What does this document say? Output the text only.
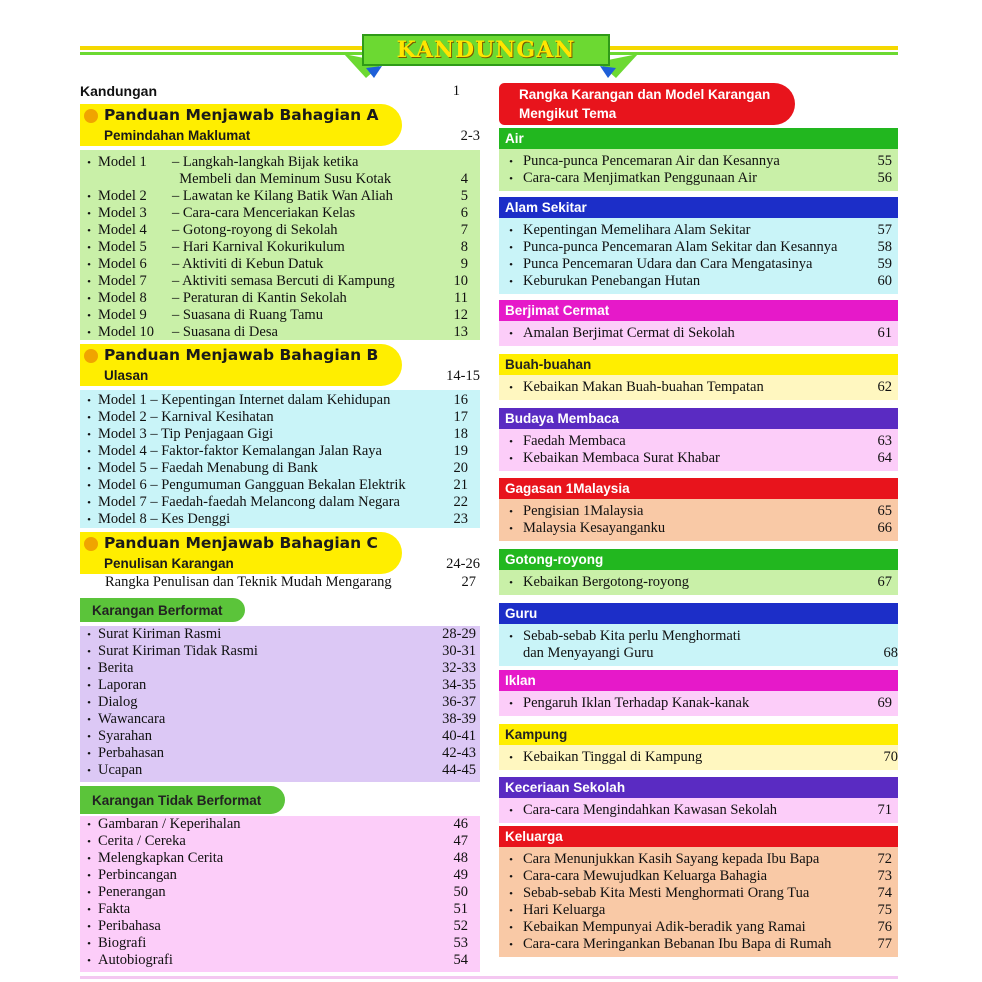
KANDUNGAN
Kandungan	1
Panduan Menjawab Bahagian A
Pemindahan Maklumat	2-3
• Model 1	– Langkah-langkah Bijak ketika
Membeli dan Meminum Susu Kotak	4
• Model 2	– Lawatan ke Kilang Batik Wan Aliah	5
• Model 3	– Cara-cara Menceriakan Kelas	6
• Model 4	– Gotong-royong di Sekolah	7
• Model 5	– Hari Karnival Kokurikulum	8
• Model 6	– Aktiviti di Kebun Datuk	9
• Model 7	– Aktiviti semasa Bercuti di Kampung	10
• Model 8	– Peraturan di Kantin Sekolah	11
• Model 9	– Suasana di Ruang Tamu	12
• Model 10	– Suasana di Desa	13
Panduan Menjawab Bahagian B
Ulasan	14-15
• Model 1 – Kepentingan Internet dalam Kehidupan	16
• Model 2 – Karnival Kesihatan	17
• Model 3 – Tip Penjagaan Gigi	18
• Model 4 – Faktor-faktor Kemalangan Jalan Raya	19
• Model 5 – Faedah Menabung di Bank	20
• Model 6 – Pengumuman Gangguan Bekalan Elektrik	21
• Model 7 – Faedah-faedah Melancong dalam Negara	22
• Model 8 – Kes Denggi	23
Panduan Menjawab Bahagian C
Penulisan Karangan	24-26
Rangka Penulisan dan Teknik Mudah Mengarang	27
Karangan Berformat
• Surat Kiriman Rasmi	28-29
• Surat Kiriman Tidak Rasmi	30-31
• Berita	32-33
• Laporan	34-35
• Dialog	36-37
• Wawancara	38-39
• Syarahan	40-41
• Perbahasan	42-43
• Ucapan	44-45
Karangan Tidak Berformat
• Gambaran / Keperihalan	46
• Cerita / Cereka	47
• Melengkapkan Cerita	48
• Perbincangan	49
• Penerangan	50
• Fakta	51
• Peribahasa	52
• Biografi	53
• Autobiografi	54
Rangka Karangan dan Model Karangan
Mengikut Tema
Air
• Punca-punca Pencemaran Air dan Kesannya	55
• Cara-cara Menjimatkan Penggunaan Air	56
Alam Sekitar
• Kepentingan Memelihara Alam Sekitar	57
• Punca-punca Pencemaran Alam Sekitar dan Kesannya	58
• Punca Pencemaran Udara dan Cara Mengatasinya	59
• Keburukan Penebangan Hutan	60
Berjimat Cermat
• Amalan Berjimat Cermat di Sekolah	61
Buah-buahan
• Kebaikan Makan Buah-buahan Tempatan	62
Budaya Membaca
• Faedah Membaca	63
• Kebaikan Membaca Surat Khabar	64
Gagasan 1Malaysia
• Pengisian 1Malaysia	65
• Malaysia Kesayanganku	66
Gotong-royong
• Kebaikan Bergotong-royong	67
Guru
• Sebab-sebab Kita perlu Menghormati
dan Menyayangi Guru	68
Iklan
• Pengaruh Iklan Terhadap Kanak-kanak	69
Kampung
• Kebaikan Tinggal di Kampung	70
Keceriaan Sekolah
• Cara-cara Mengindahkan Kawasan Sekolah	71
Keluarga
• Cara Menunjukkan Kasih Sayang kepada Ibu Bapa	72
• Cara-cara Mewujudkan Keluarga Bahagia	73
• Sebab-sebab Kita Mesti Menghormati Orang Tua	74
• Hari Keluarga	75
• Kebaikan Mempunyai Adik-beradik yang Ramai	76
• Cara-cara Meringankan Bebanan Ibu Bapa di Rumah	77
